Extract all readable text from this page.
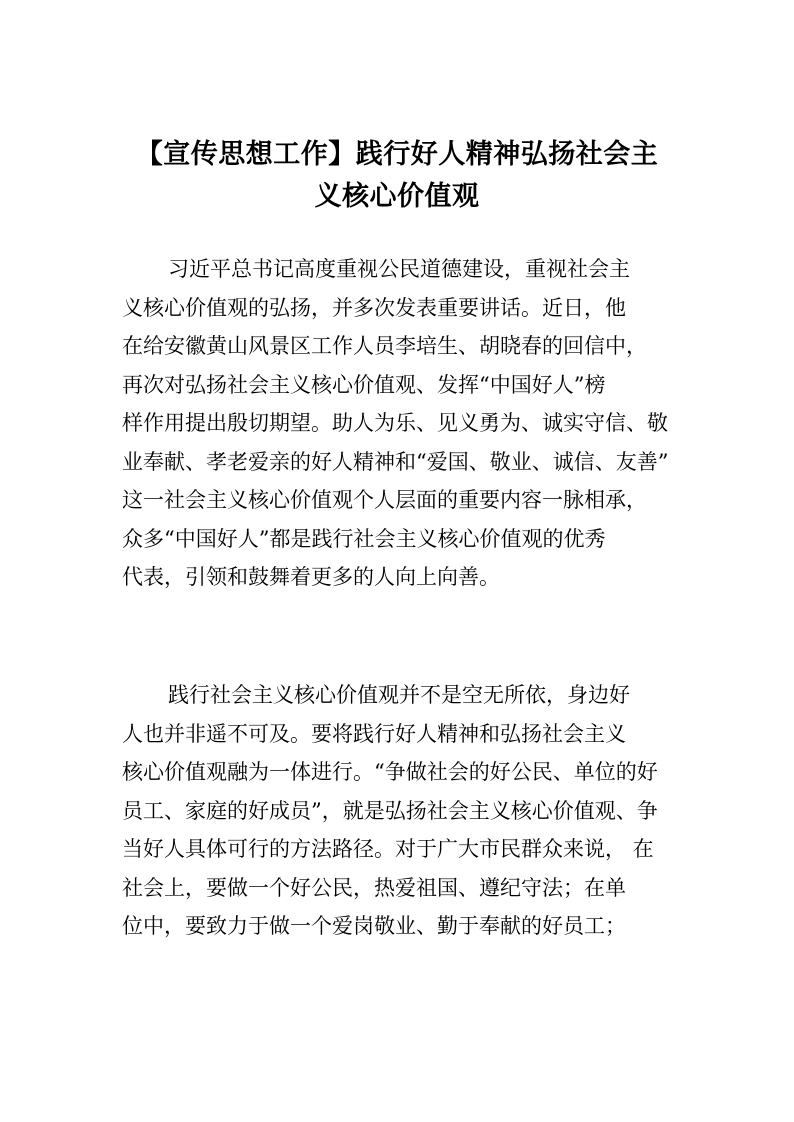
【宣传思想工作】践行好人精神弘扬社会主
义核心价值观
习近平总书记高度重视公民道德建设，重视社会主
义核心价值观的弘扬，并多次发表重要讲话。近日，他
在给安徽黄山风景区工作人员李培生、胡晓春的回信中，
再次对弘扬社会主义核心价值观、发挥“中国好人”榜
样作用提出殷切期望。助人为乐、见义勇为、诚实守信、敬
业奉献、孝老爱亲的好人精神和“爱国、敬业、诚信、友善”
这一社会主义核心价值观个人层面的重要内容一脉相承，
众多“中国好人”都是践行社会主义核心价值观的优秀
代表，引领和鼓舞着更多的人向上向善。
践行社会主义核心价值观并不是空无所依，身边好
人也并非遥不可及。要将践行好人精神和弘扬社会主义
核心价值观融为一体进行。“争做社会的好公民、单位的好
员工、家庭的好成员”，就是弘扬社会主义核心价值观、争
当好人具体可行的方法路径。对于广大市民群众来说， 在
社会上，要做一个好公民，热爱祖国、遵纪守法；在单
位中，要致力于做一个爱岗敬业、勤于奉献的好员工；
